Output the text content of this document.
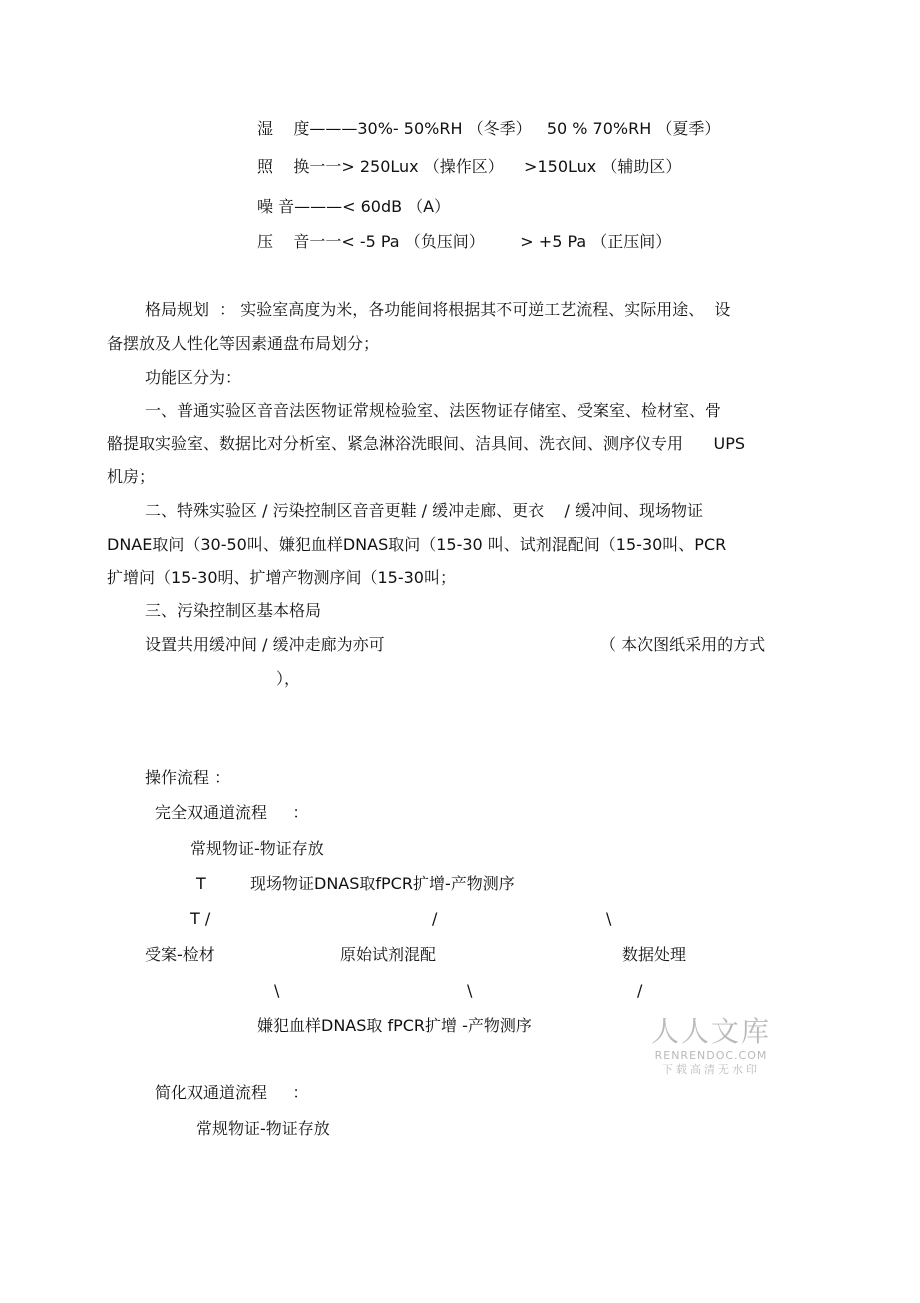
湿    度———30%- 50%RH （冬季）   50 % 70%RH （夏季）
照    换一一> 250Lux （操作区）    >150Lux （辅助区）
噪 音———< 60dB （A）
压    音一一< -5 Pa （负压间）       > +5 Pa （正压间）
格局规划  ： 实验室高度为米，各功能间将根据其不可逆工艺流程、实际用途、  设
备摆放及人性化等因素通盘布局划分；
功能区分为：
一、普通实验区音音法医物证常规检验室、法医物证存储室、受案室、检材室、骨
骼提取实验室、数据比对分析室、紧急淋浴洗眼间、洁具间、洗衣间、测序仪专用      UPS
机房；
二、特殊实验区 / 污染控制区音音更鞋 / 缓冲走廊、更衣    / 缓冲间、现场物证
DNAE取问（30-50叫、嫌犯血样DNAS取问（15-30 叫、试剂混配间（15-30叫、PCR
扩增问（15-30明、扩增产物测序间（15-30叫；
三、污染控制区基本格局
设置共用缓冲间 / 缓冲走廊为亦可	（ 本次图纸采用的方式
），
操作流程 ：
完全双通道流程     ：
常规物证-物证存放
T	现场物证DNAS取fPCR扩增-产物测序
T /	/	\
受案-检材	原始试剂混配	数据处理
\	\	/
嫌犯血样DNAS取 fPCR扩增 -产物测序
简化双通道流程     ：
常规物证-物证存放
人人文库
RENRENDOC.COM
下载高清无水印
